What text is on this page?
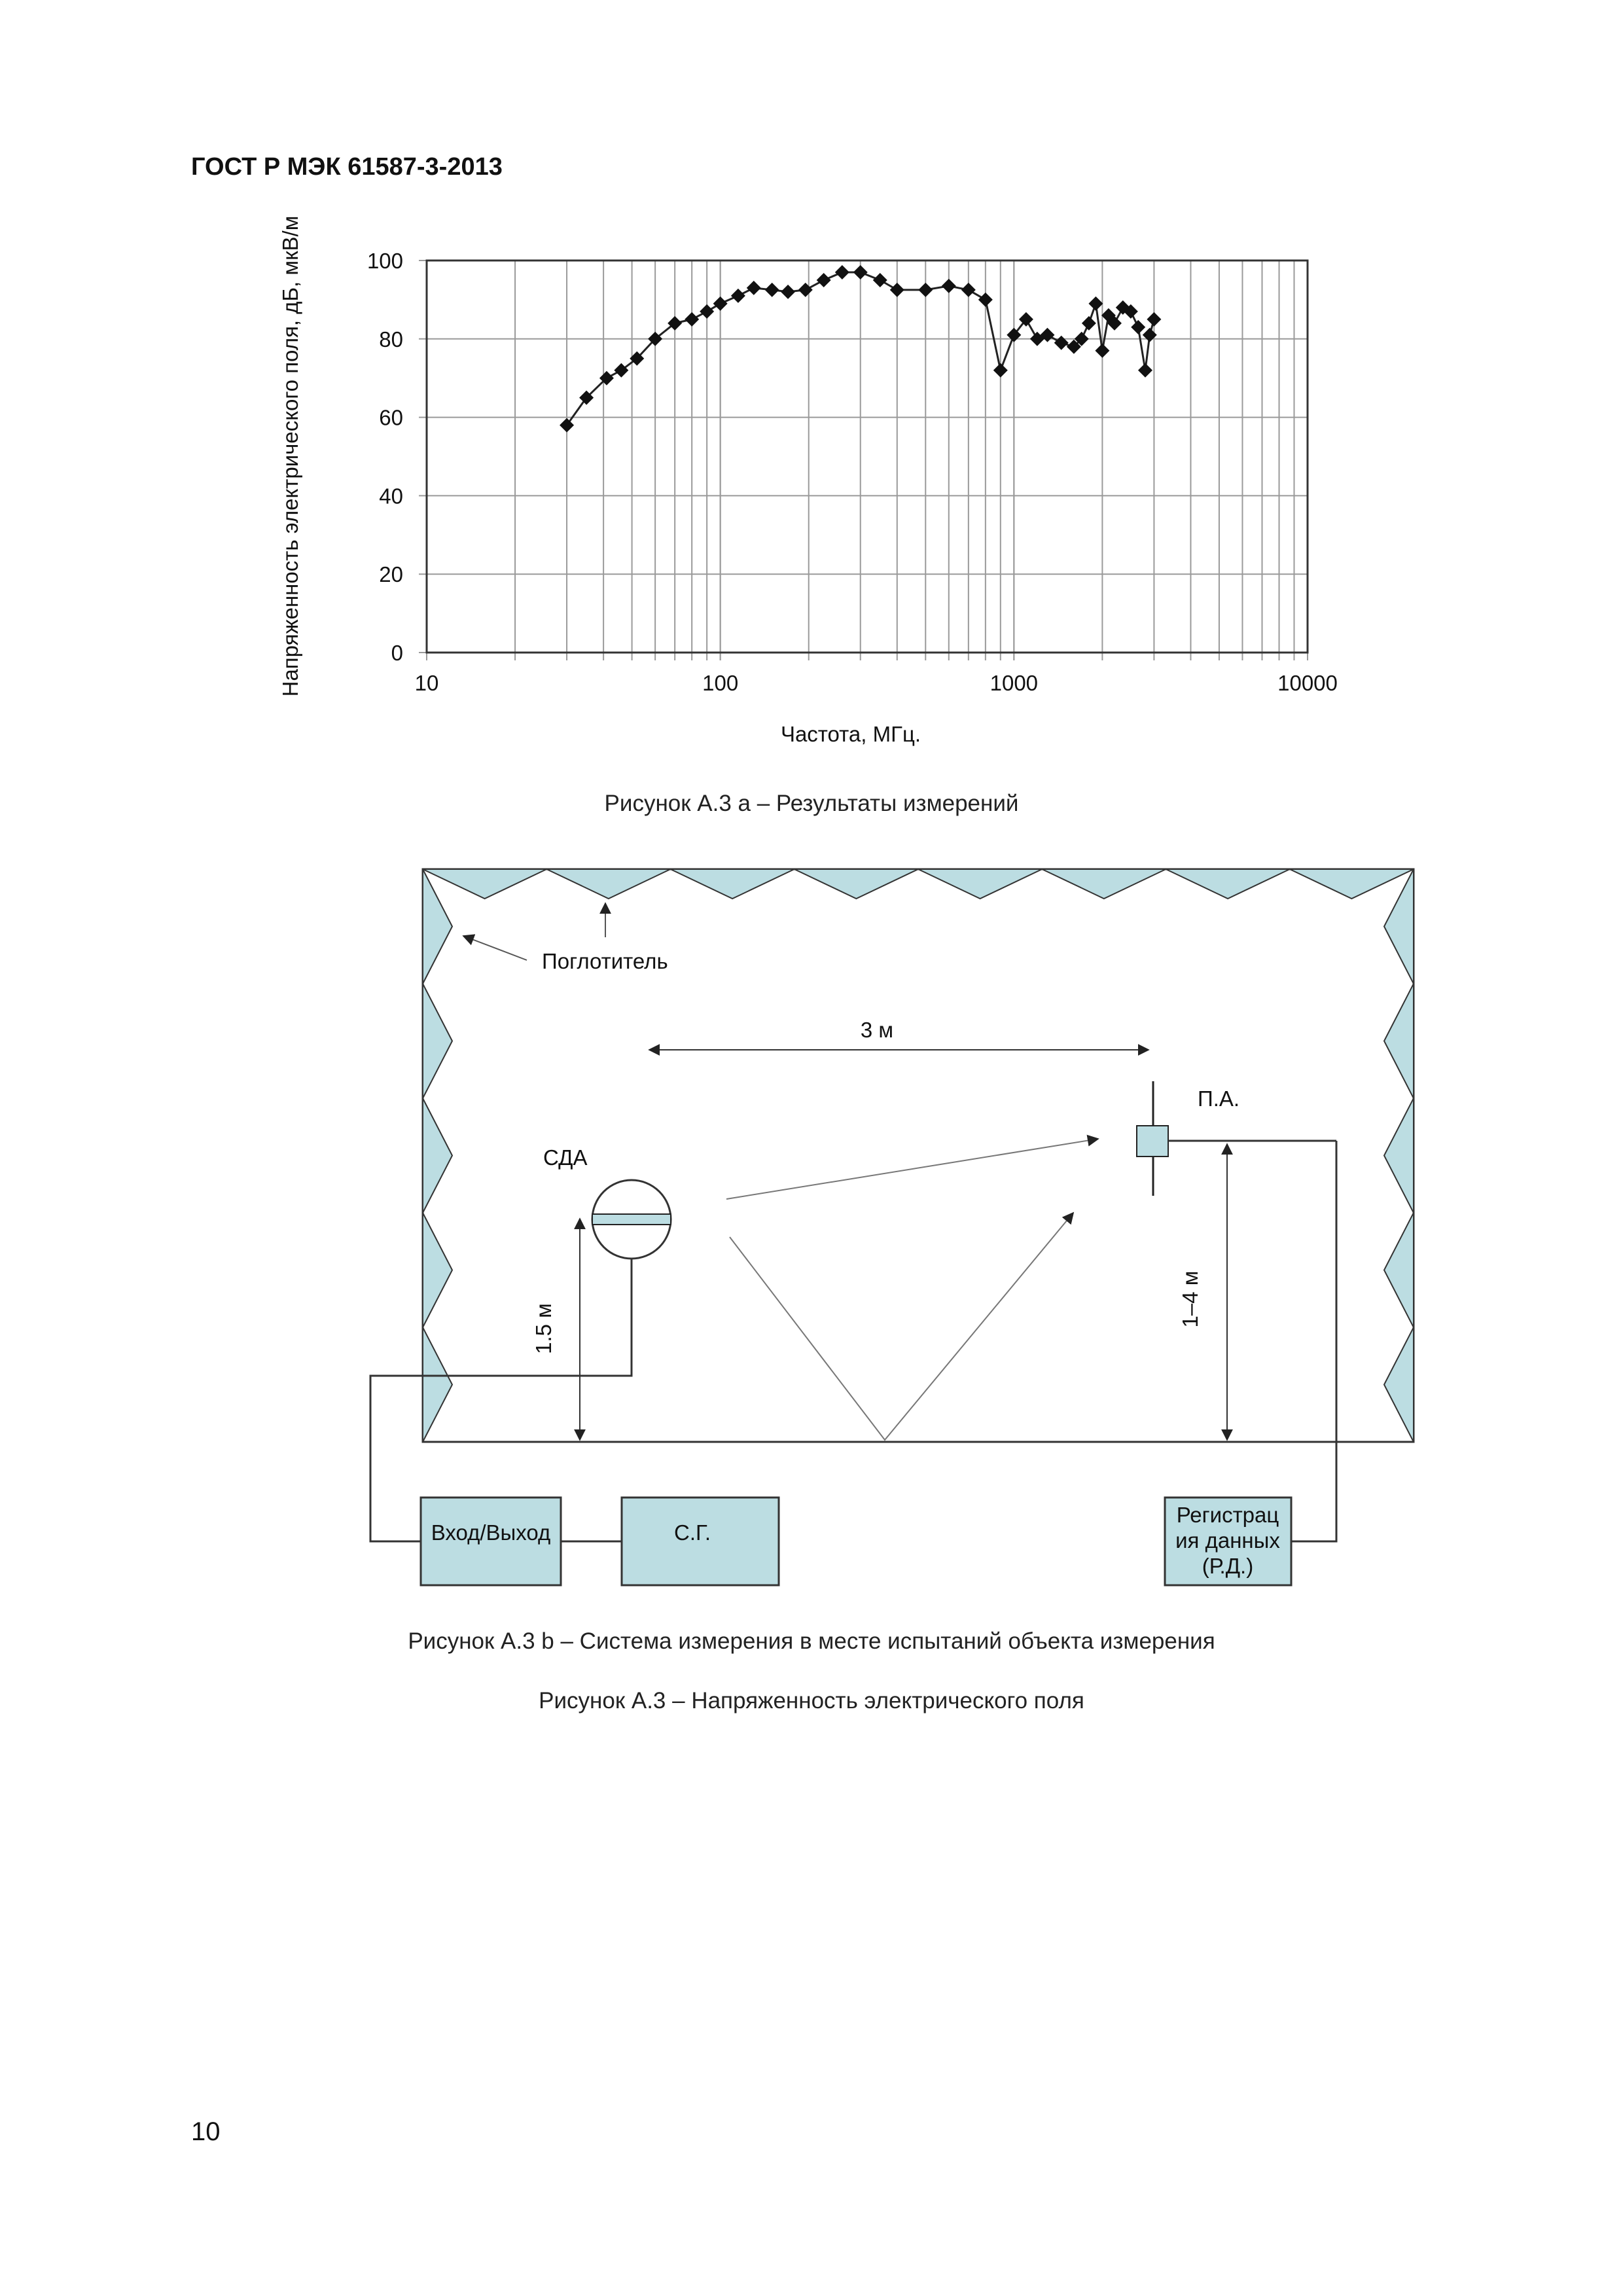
ГОСТ Р МЭК 61587-3-2013
10	100	1000	10000
0
20
40
60
80
100
Частота, МГц.
Напряженность электрического поля, дБ, мкВ/м
Рисунок А.3 а – Результаты измерений
Поглотитель
3 м
П.А.
СДА
1.5 м
1–4 м
Вход/Выход	С.Г.
Регистрац
ия данных
(Р.Д.)
Рисунок А.3 b – Система измерения в месте испытаний объекта измерения
Рисунок А.3 – Напряженность электрического поля
10
